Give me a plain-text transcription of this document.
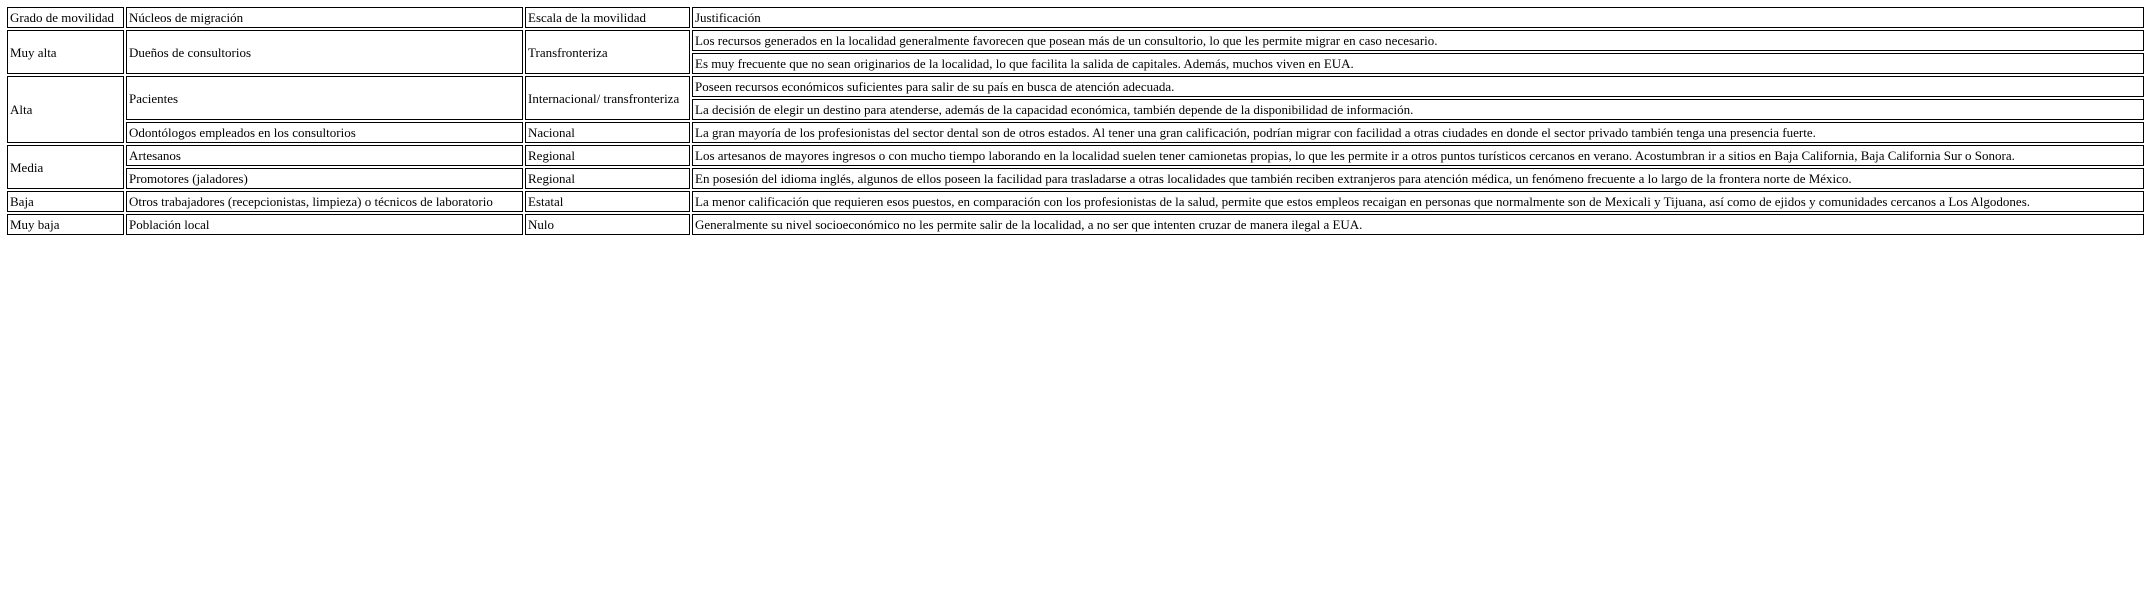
Grado de movilidad	Núcleos de migración	Escala de la movilidad	Justificación
Muy alta	Dueños de consultorios	Transfronteriza	Los recursos generados en la localidad generalmente favorecen que posean más de un consultorio, lo que les permite migrar en caso necesario.
			Es muy frecuente que no sean originarios de la localidad, lo que facilita la salida de capitales. Además, muchos viven en EUA.
Alta	Pacientes	Internacional/ transfronteriza	Poseen recursos económicos suficientes para salir de su país en busca de atención adecuada.
			La decisión de elegir un destino para atenderse, además de la capacidad económica, también depende de la disponibilidad de información.
	Odontólogos empleados en los consultorios	Nacional	La gran mayoría de los profesionistas del sector dental son de otros estados. Al tener una gran calificación, podrían migrar con facilidad a otras ciudades en donde el sector privado también tenga una presencia fuerte.
Media	Artesanos	Regional	Los artesanos de mayores ingresos o con mucho tiempo laborando en la localidad suelen tener camionetas propias, lo que les permite ir a otros puntos turísticos cercanos en verano. Acostumbran ir a sitios en Baja California, Baja California Sur o Sonora.
	Promotores (jaladores)	Regional	En posesión del idioma inglés, algunos de ellos poseen la facilidad para trasladarse a otras localidades que también reciben extranjeros para atención médica, un fenómeno frecuente a lo largo de la frontera norte de México.
Baja	Otros trabajadores (recepcionistas, limpieza) o técnicos de laboratorio	Estatal	La menor calificación que requieren esos puestos, en comparación con los profesionistas de la salud, permite que estos empleos recaigan en personas que normalmente son de Mexicali y Tijuana, así como de ejidos y comunidades cercanos a Los Algodones.
Muy baja	Población local	Nulo	Generalmente su nivel socioeconómico no les permite salir de la localidad, a no ser que intenten cruzar de manera ilegal a EUA.
